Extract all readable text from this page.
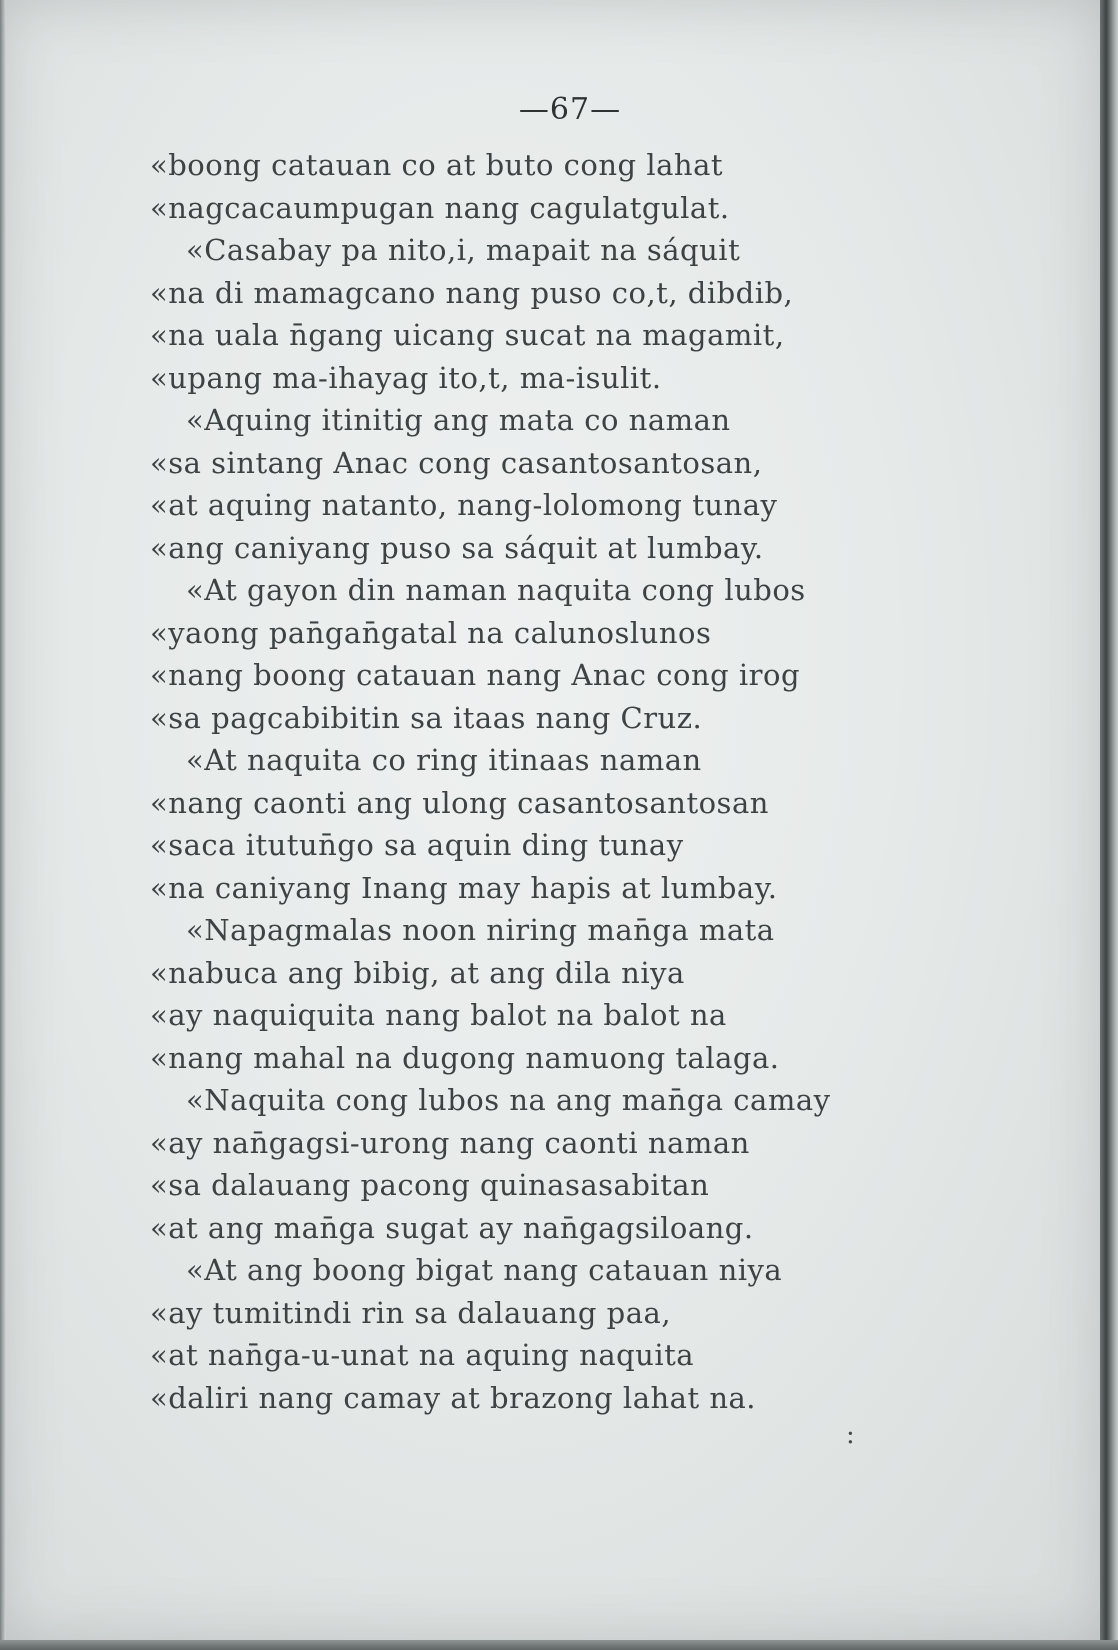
—67—
«boong catauan co at buto cong lahat
«nagcacaumpugan nang cagulatgulat.
«Casabay pa nito,i, mapait na sáquit
«na di mamagcano nang puso co,t, dibdib,
«na uala n̄gang uicang sucat na magamit,
«upang ma-ihayag ito,t, ma-isulit.
«Aquing itinitig ang mata co naman
«sa sintang Anac cong casantosantosan,
«at aquing natanto, nang-lolomong tunay
«ang caniyang puso sa sáquit at lumbay.
«At gayon din naman naquita cong lubos
«yaong pan̄gan̄gatal na calunoslunos
«nang boong catauan nang Anac cong irog
«sa pagcabibitin sa itaas nang Cruz.
«At naquita co ring itinaas naman
«nang caonti ang ulong casantosantosan
«saca itutun̄go sa aquin ding tunay
«na caniyang Inang may hapis at lumbay.
«Napagmalas noon niring man̄ga mata
«nabuca ang bibig, at ang dila niya
«ay naquiquita nang balot na balot na
«nang mahal na dugong namuong talaga.
«Naquita cong lubos na ang man̄ga camay
«ay nan̄gagsi-urong nang caonti naman
«sa dalauang pacong quinasasabitan
«at ang man̄ga sugat ay nan̄gagsiloang.
«At ang boong bigat nang catauan niya
«ay tumitindi rin sa dalauang paa,
«at nan̄ga-u-unat na aquing naquita
«daliri nang camay at brazong lahat na.
:
